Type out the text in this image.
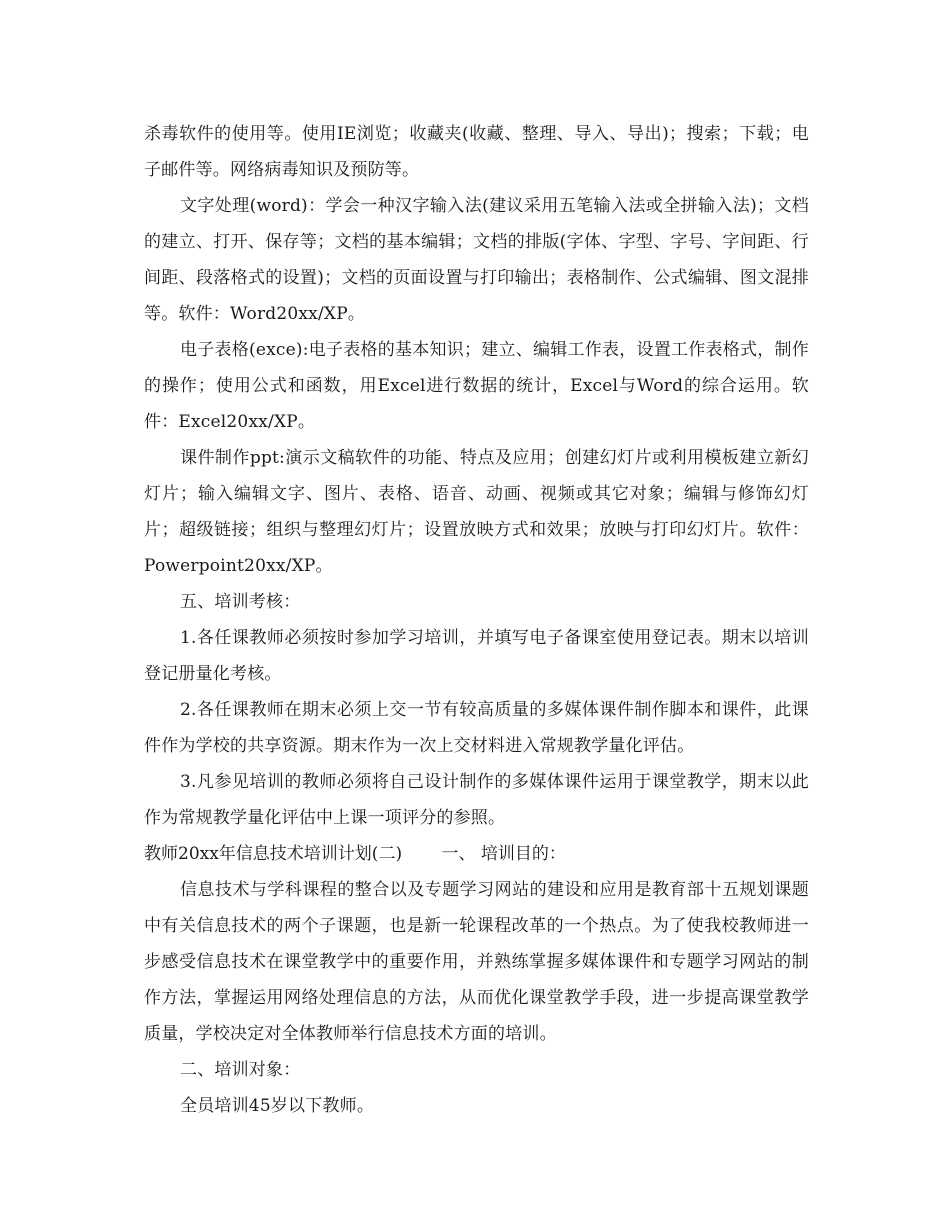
杀毒软件的使用等。使用IE浏览；收藏夹(收藏、整理、导入、导出)；搜索；下载；电子邮件等。网络病毒知识及预防等。

文字处理(word)：学会一种汉字输入法(建议采用五笔输入法或全拼输入法)；文档的建立、打开、保存等；文档的基本编辑；文档的排版(字体、字型、字号、字间距、行间距、段落格式的设置)；文档的页面设置与打印输出；表格制作、公式编辑、图文混排等。软件：Word20xx/XP。

电子表格(exce):电子表格的基本知识；建立、编辑工作表，设置工作表格式，制作的操作；使用公式和函数，用Excel进行数据的统计，Excel与Word的综合运用。软件：Excel20xx/XP。

课件制作ppt:演示文稿软件的功能、特点及应用；创建幻灯片或利用模板建立新幻灯片；输入编辑文字、图片、表格、语音、动画、视频或其它对象；编辑与修饰幻灯片；超级链接；组织与整理幻灯片；设置放映方式和效果；放映与打印幻灯片。软件：Powerpoint20xx/XP。

五、培训考核：

1.各任课教师必须按时参加学习培训，并填写电子备课室使用登记表。期末以培训登记册量化考核。

2.各任课教师在期末必须上交一节有较高质量的多媒体课件制作脚本和课件，此课件作为学校的共享资源。期末作为一次上交材料进入常规教学量化评估。

3.凡参见培训的教师必须将自己设计制作的多媒体课件运用于课堂教学，期末以此作为常规教学量化评估中上课一项评分的参照。

教师20xx年信息技术培训计划(二)　　 一、 培训目的：

信息技术与学科课程的整合以及专题学习网站的建设和应用是教育部十五规划课题中有关信息技术的两个子课题，也是新一轮课程改革的一个热点。为了使我校教师进一步感受信息技术在课堂教学中的重要作用，并熟练掌握多媒体课件和专题学习网站的制作方法，掌握运用网络处理信息的方法，从而优化课堂教学手段，进一步提高课堂教学质量，学校决定对全体教师举行信息技术方面的培训。

二、培训对象：

全员培训45岁以下教师。
